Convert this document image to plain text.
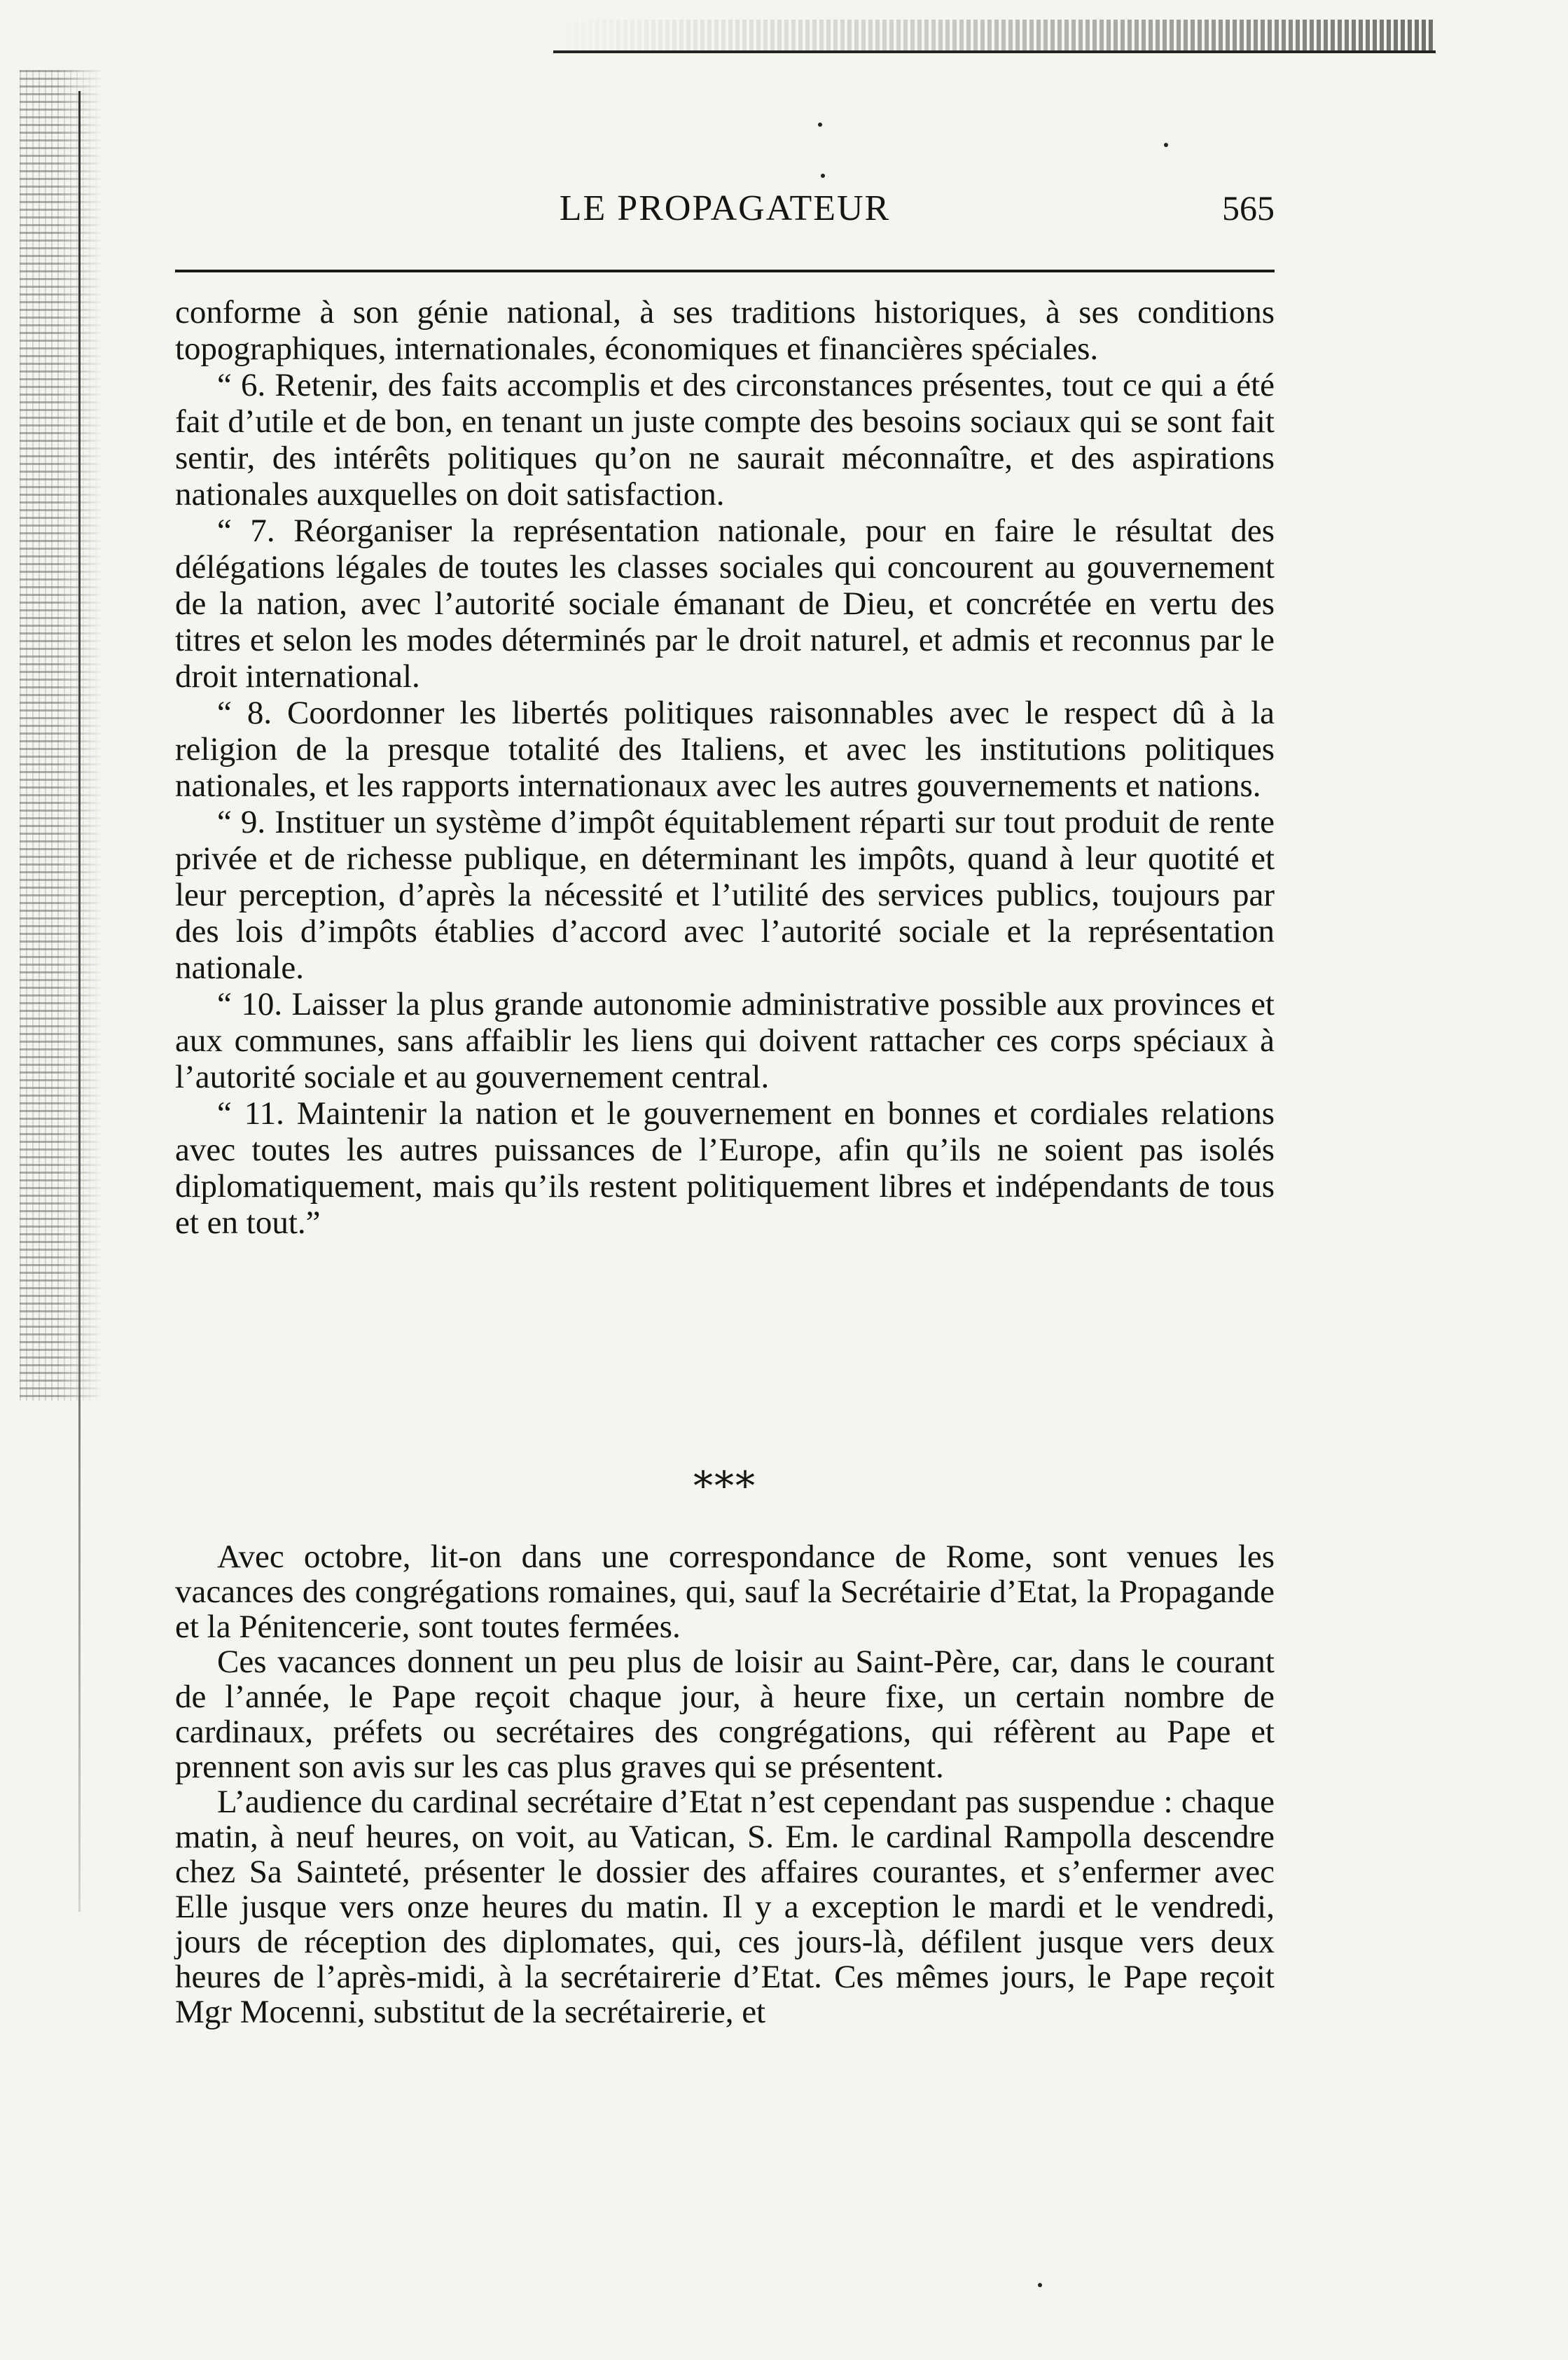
LE PROPAGATEUR	565

conforme à son génie national, à ses traditions historiques, à ses conditions topographiques, internationales, économiques et financières spéciales.

“ 6. Retenir, des faits accomplis et des circonstances présentes, tout ce qui a été fait d’utile et de bon, en tenant un juste compte des besoins sociaux qui se sont fait sentir, des intérêts politiques qu’on ne saurait méconnaître, et des aspirations nationales auxquelles on doit satisfaction.

“ 7. Réorganiser la représentation nationale, pour en faire le résultat des délégations légales de toutes les classes sociales qui concourent au gouvernement de la nation, avec l’autorité sociale émanant de Dieu, et concrétée en vertu des titres et selon les modes déterminés par le droit naturel, et admis et reconnus par le droit international.

“ 8. Coordonner les libertés politiques raisonnables avec le respect dû à la religion de la presque totalité des Italiens, et avec les institutions politiques nationales, et les rapports internationaux avec les autres gouvernements et nations.

“ 9. Instituer un système d’impôt équitablement réparti sur tout produit de rente privée et de richesse publique, en déterminant les impôts, quand à leur quotité et leur perception, d’après la nécessité et l’utilité des services publics, toujours par des lois d’impôts établies d’accord avec l’autorité sociale et la représentation nationale.

“ 10. Laisser la plus grande autonomie administrative possible aux provinces et aux communes, sans affaiblir les liens qui doivent rattacher ces corps spéciaux à l’autorité sociale et au gouvernement central.

“ 11. Maintenir la nation et le gouvernement en bonnes et cordiales relations avec toutes les autres puissances de l’Europe, afin qu’ils ne soient pas isolés diplomatiquement, mais qu’ils restent politiquement libres et indépendants de tous et en tout.”

***

Avec octobre, lit-on dans une correspondance de Rome, sont venues les vacances des congrégations romaines, qui, sauf la Secrétairie d’Etat, la Propagande et la Pénitencerie, sont toutes fermées.

Ces vacances donnent un peu plus de loisir au Saint-Père, car, dans le courant de l’année, le Pape reçoit chaque jour, à heure fixe, un certain nombre de cardinaux, préfets ou secrétaires des congrégations, qui réfèrent au Pape et prennent son avis sur les cas plus graves qui se présentent.

L’audience du cardinal secrétaire d’Etat n’est cependant pas suspendue : chaque matin, à neuf heures, on voit, au Vatican, S. Em. le cardinal Rampolla descendre chez Sa Sainteté, présenter le dossier des affaires courantes, et s’enfermer avec Elle jusque vers onze heures du matin. Il y a exception le mardi et le vendredi, jours de réception des diplomates, qui, ces jours-là, défilent jusque vers deux heures de l’après-midi, à la secrétairerie d’Etat. Ces mêmes jours, le Pape reçoit Mgr Mocenni, substitut de la secrétairerie, et
